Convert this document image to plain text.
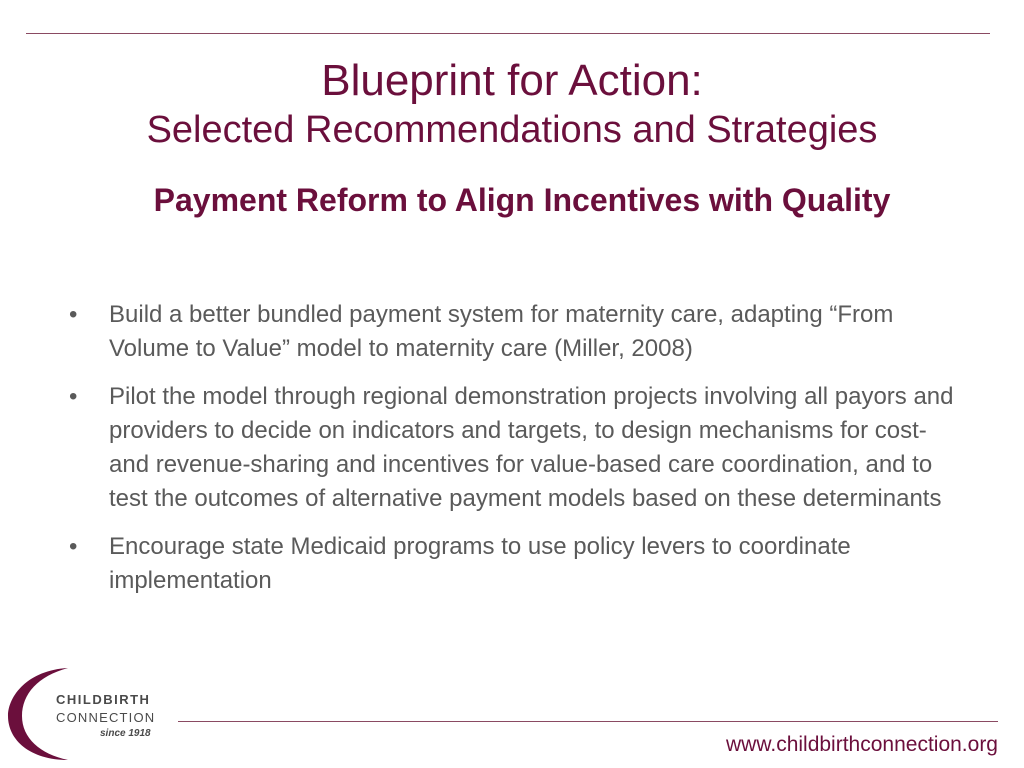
Blueprint for Action:
Selected Recommendations and Strategies
Payment Reform to Align Incentives with Quality
• Build a better bundled payment system for maternity care, adapting “From Volume to Value” model to maternity care (Miller, 2008)
• Pilot the model through regional demonstration projects involving all payors and providers to decide on indicators and targets, to design mechanisms for cost- and revenue-sharing and incentives for value-based care coordination, and to test the outcomes of alternative payment models based on these determinants
• Encourage state Medicaid programs to use policy levers to coordinate implementation
CHILDBIRTH
CONNECTION
since 1918	www.childbirthconnection.org
